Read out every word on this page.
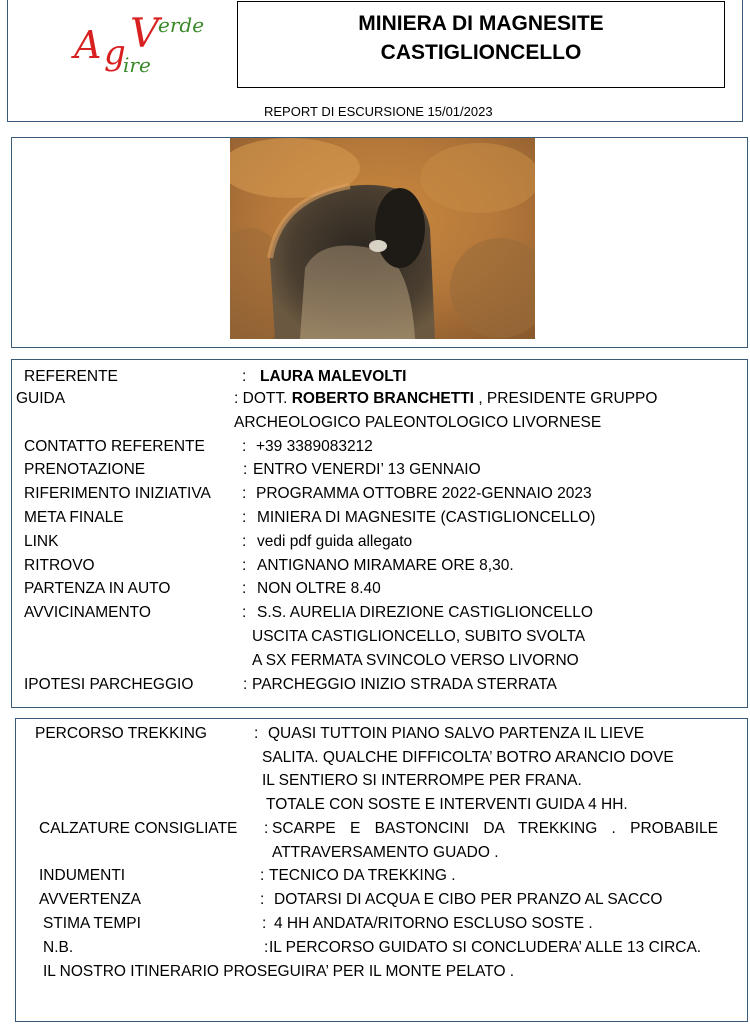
A g V erde
ire
MINIERA DI MAGNESITE
CASTIGLIONCELLO
REPORT DI ESCURSIONE 15/01/2023
REFERENTE	: LAURA MALEVOLTI
GUIDA	: DOTT. ROBERTO BRANCHETTI , PRESIDENTE GRUPPO
ARCHEOLOGICO PALEONTOLOGICO LIVORNESE
CONTATTO REFERENTE : +39 3389083212
PRENOTAZIONE	: ENTRO VENERDI’ 13 GENNAIO
RIFERIMENTO INIZIATIVA : PROGRAMMA OTTOBRE 2022-GENNAIO 2023
META FINALE	: MINIERA DI MAGNESITE (CASTIGLIONCELLO)
LINK	: vedi pdf guida allegato
RITROVO	: ANTIGNANO MIRAMARE ORE 8,30.
PARTENZA IN AUTO	: NON OLTRE 8.40
AVVICINAMENTO	: S.S. AURELIA DIREZIONE CASTIGLIONCELLO
USCITA CASTIGLIONCELLO, SUBITO SVOLTA
A SX FERMATA SVINCOLO VERSO LIVORNO
IPOTESI PARCHEGGIO	: PARCHEGGIO INIZIO STRADA STERRATA
PERCORSO TREKKING	: QUASI TUTTOIN PIANO SALVO PARTENZA IL LIEVE
SALITA. QUALCHE DIFFICOLTA’ BOTRO ARANCIO DOVE
IL SENTIERO SI INTERROMPE PER FRANA.
TOTALE CON SOSTE E INTERVENTI GUIDA 4 HH.
CALZATURE CONSIGLIATE : SCARPE E BASTONCINI DA TREKKING . PROBABILE
ATTRAVERSAMENTO GUADO .
INDUMENTI	: TECNICO DA TREKKING .
AVVERTENZA	: DOTARSI DI ACQUA E CIBO PER PRANZO AL SACCO
STIMA TEMPI	: 4 HH ANDATA/RITORNO ESCLUSO SOSTE .
N.B.	: IL PERCORSO GUIDATO SI CONCLUDERA’ ALLE 13 CIRCA.
IL NOSTRO ITINERARIO PROSEGUIRA’ PER IL MONTE PELATO .
